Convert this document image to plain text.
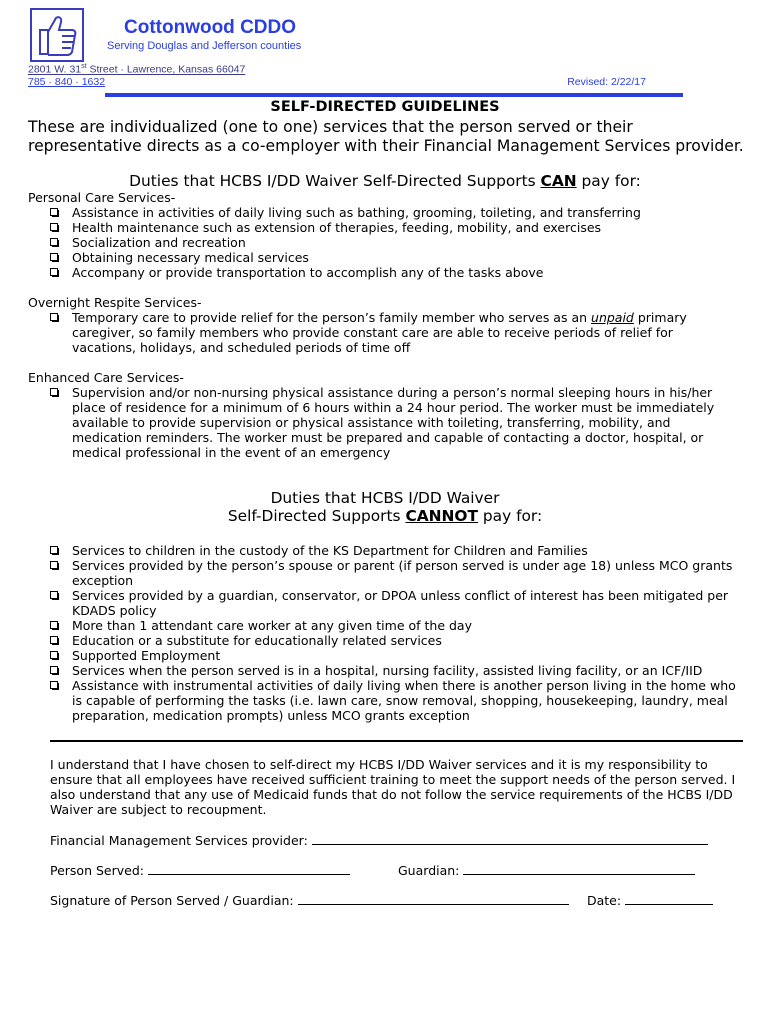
Cottonwood CDDO
Serving Douglas and Jefferson counties
2801 W. 31st Street · Lawrence, Kansas 66047
785 · 840 · 1632	Revised: 2/22/17
SELF-DIRECTED GUIDELINES
These are individualized (one to one) services that the person served or their representative directs as a co-employer with their Financial Management Services provider.
Duties that HCBS I/DD Waiver Self-Directed Supports CAN pay for:
Personal Care Services-
Assistance in activities of daily living such as bathing, grooming, toileting, and transferring
Health maintenance such as extension of therapies, feeding, mobility, and exercises
Socialization and recreation
Obtaining necessary medical services
Accompany or provide transportation to accomplish any of the tasks above
Overnight Respite Services-
Temporary care to provide relief for the person’s family member who serves as an unpaid primary caregiver, so family members who provide constant care are able to receive periods of relief for vacations, holidays, and scheduled periods of time off
Enhanced Care Services-
Supervision and/or non-nursing physical assistance during a person’s normal sleeping hours in his/her place of residence for a minimum of 6 hours within a 24 hour period. The worker must be immediately available to provide supervision or physical assistance with toileting, transferring, mobility, and medication reminders. The worker must be prepared and capable of contacting a doctor, hospital, or medical professional in the event of an emergency
Duties that HCBS I/DD Waiver
Self-Directed Supports CANNOT pay for:
Services to children in the custody of the KS Department for Children and Families
Services provided by the person’s spouse or parent (if person served is under age 18) unless MCO grants exception
Services provided by a guardian, conservator, or DPOA unless conflict of interest has been mitigated per KDADS policy
More than 1 attendant care worker at any given time of the day
Education or a substitute for educationally related services
Supported Employment
Services when the person served is in a hospital, nursing facility, assisted living facility, or an ICF/IID
Assistance with instrumental activities of daily living when there is another person living in the home who is capable of performing the tasks (i.e. lawn care, snow removal, shopping, housekeeping, laundry, meal preparation, medication prompts) unless MCO grants exception
I understand that I have chosen to self-direct my HCBS I/DD Waiver services and it is my responsibility to ensure that all employees have received sufficient training to meet the support needs of the person served. I also understand that any use of Medicaid funds that do not follow the service requirements of the HCBS I/DD Waiver are subject to recoupment.
Financial Management Services provider:
Person Served:	Guardian:
Signature of Person Served / Guardian:	Date:
